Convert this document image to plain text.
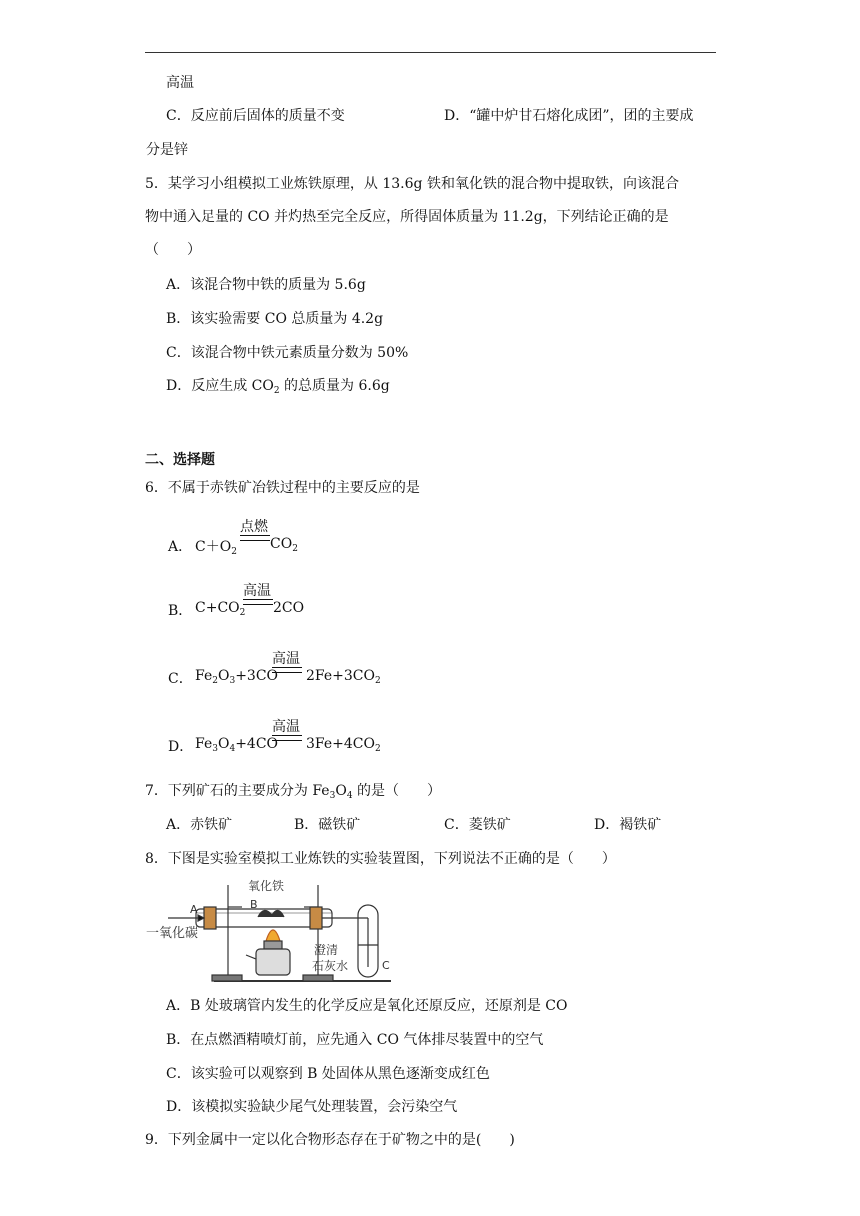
高温
C．反应前后固体的质量不变	D．“罐中炉甘石熔化成团”，团的主要成
分是锌
5．某学习小组模拟工业炼铁原理，从 13.6g 铁和氧化铁的混合物中提取铁，向该混合
物中通入足量的 CO 并灼热至完全反应，所得固体质量为 11.2g，下列结论正确的是
（　　）
A．该混合物中铁的质量为 5.6g
B．该实验需要 CO 总质量为 4.2g
C．该混合物中铁元素质量分数为 50%
D．反应生成 $CO_2$ 的总质量为 6.6g
二、选择题
6．不属于赤铁矿冶铁过程中的主要反应的是
A． $C+O_2$
点燃
$CO_2$
B． $C+CO_2$
高温
2CO
C． $Fe_2O_3+3CO$
高温
$2Fe+3CO_2$
D． $Fe_3O_4+4CO$
高温
$3Fe+4CO_2$
7．下列矿石的主要成分为 $Fe_3O_4$ 的是（　　）
A．赤铁矿	B．磁铁矿	C．菱铁矿	D．褐铁矿
8．下图是实验室模拟工业炼铁的实验装置图，下列说法不正确的是（　　）
一氧化碳
A	B
氧化铁
澄清
石灰水	C
A．B 处玻璃管内发生的化学反应是氧化还原反应，还原剂是 CO
B．在点燃酒精喷灯前，应先通入 CO 气体排尽装置中的空气
C．该实验可以观察到 B 处固体从黑色逐渐变成红色
D．该模拟实验缺少尾气处理装置，会污染空气
9．下列金属中一定以化合物形态存在于矿物之中的是(　　)
